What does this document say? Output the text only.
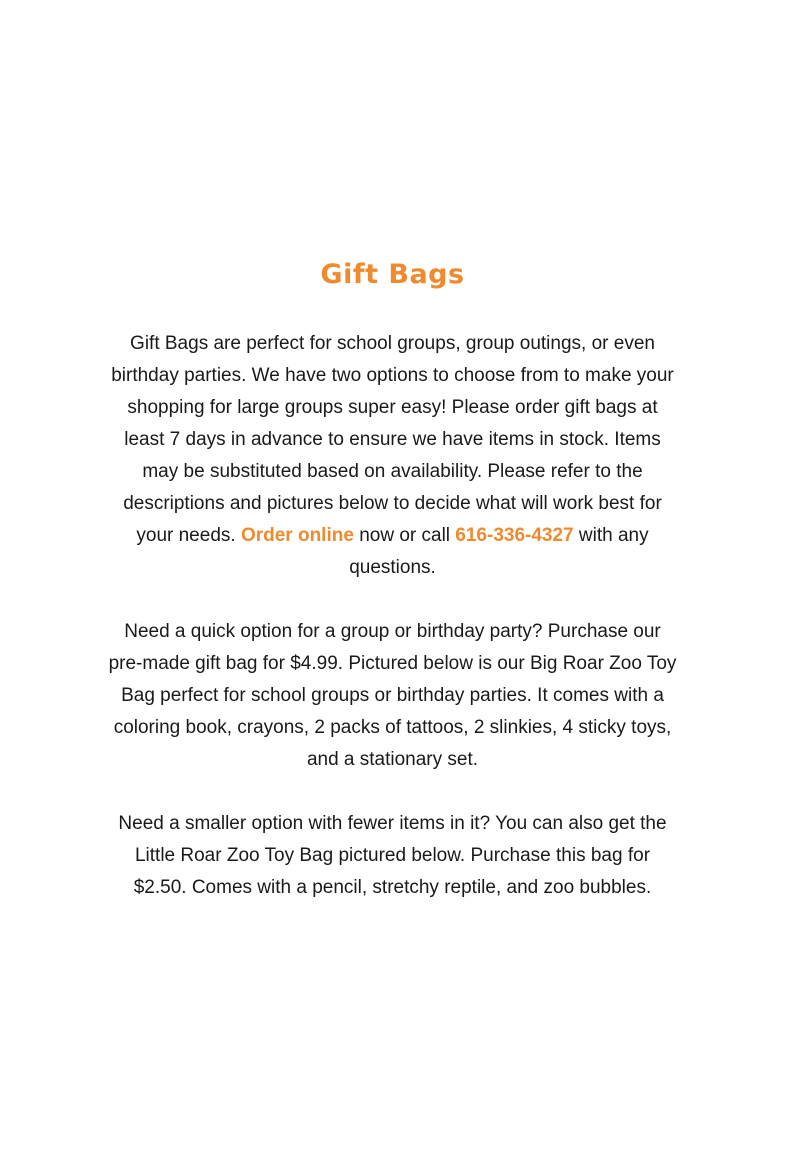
Gift Bags

Gift Bags are perfect for school groups, group outings, or even birthday parties. We have two options to choose from to make your shopping for large groups super easy! Please order gift bags at least 7 days in advance to ensure we have items in stock. Items may be substituted based on availability. Please refer to the descriptions and pictures below to decide what will work best for your needs. Order online now or call 616-336-4327 with any questions.

Need a quick option for a group or birthday party? Purchase our pre-made gift bag for $4.99. Pictured below is our Big Roar Zoo Toy Bag perfect for school groups or birthday parties. It comes with a coloring book, crayons, 2 packs of tattoos, 2 slinkies, 4 sticky toys, and a stationary set.

Need a smaller option with fewer items in it? You can also get the Little Roar Zoo Toy Bag pictured below. Purchase this bag for $2.50. Comes with a pencil, stretchy reptile, and zoo bubbles.
